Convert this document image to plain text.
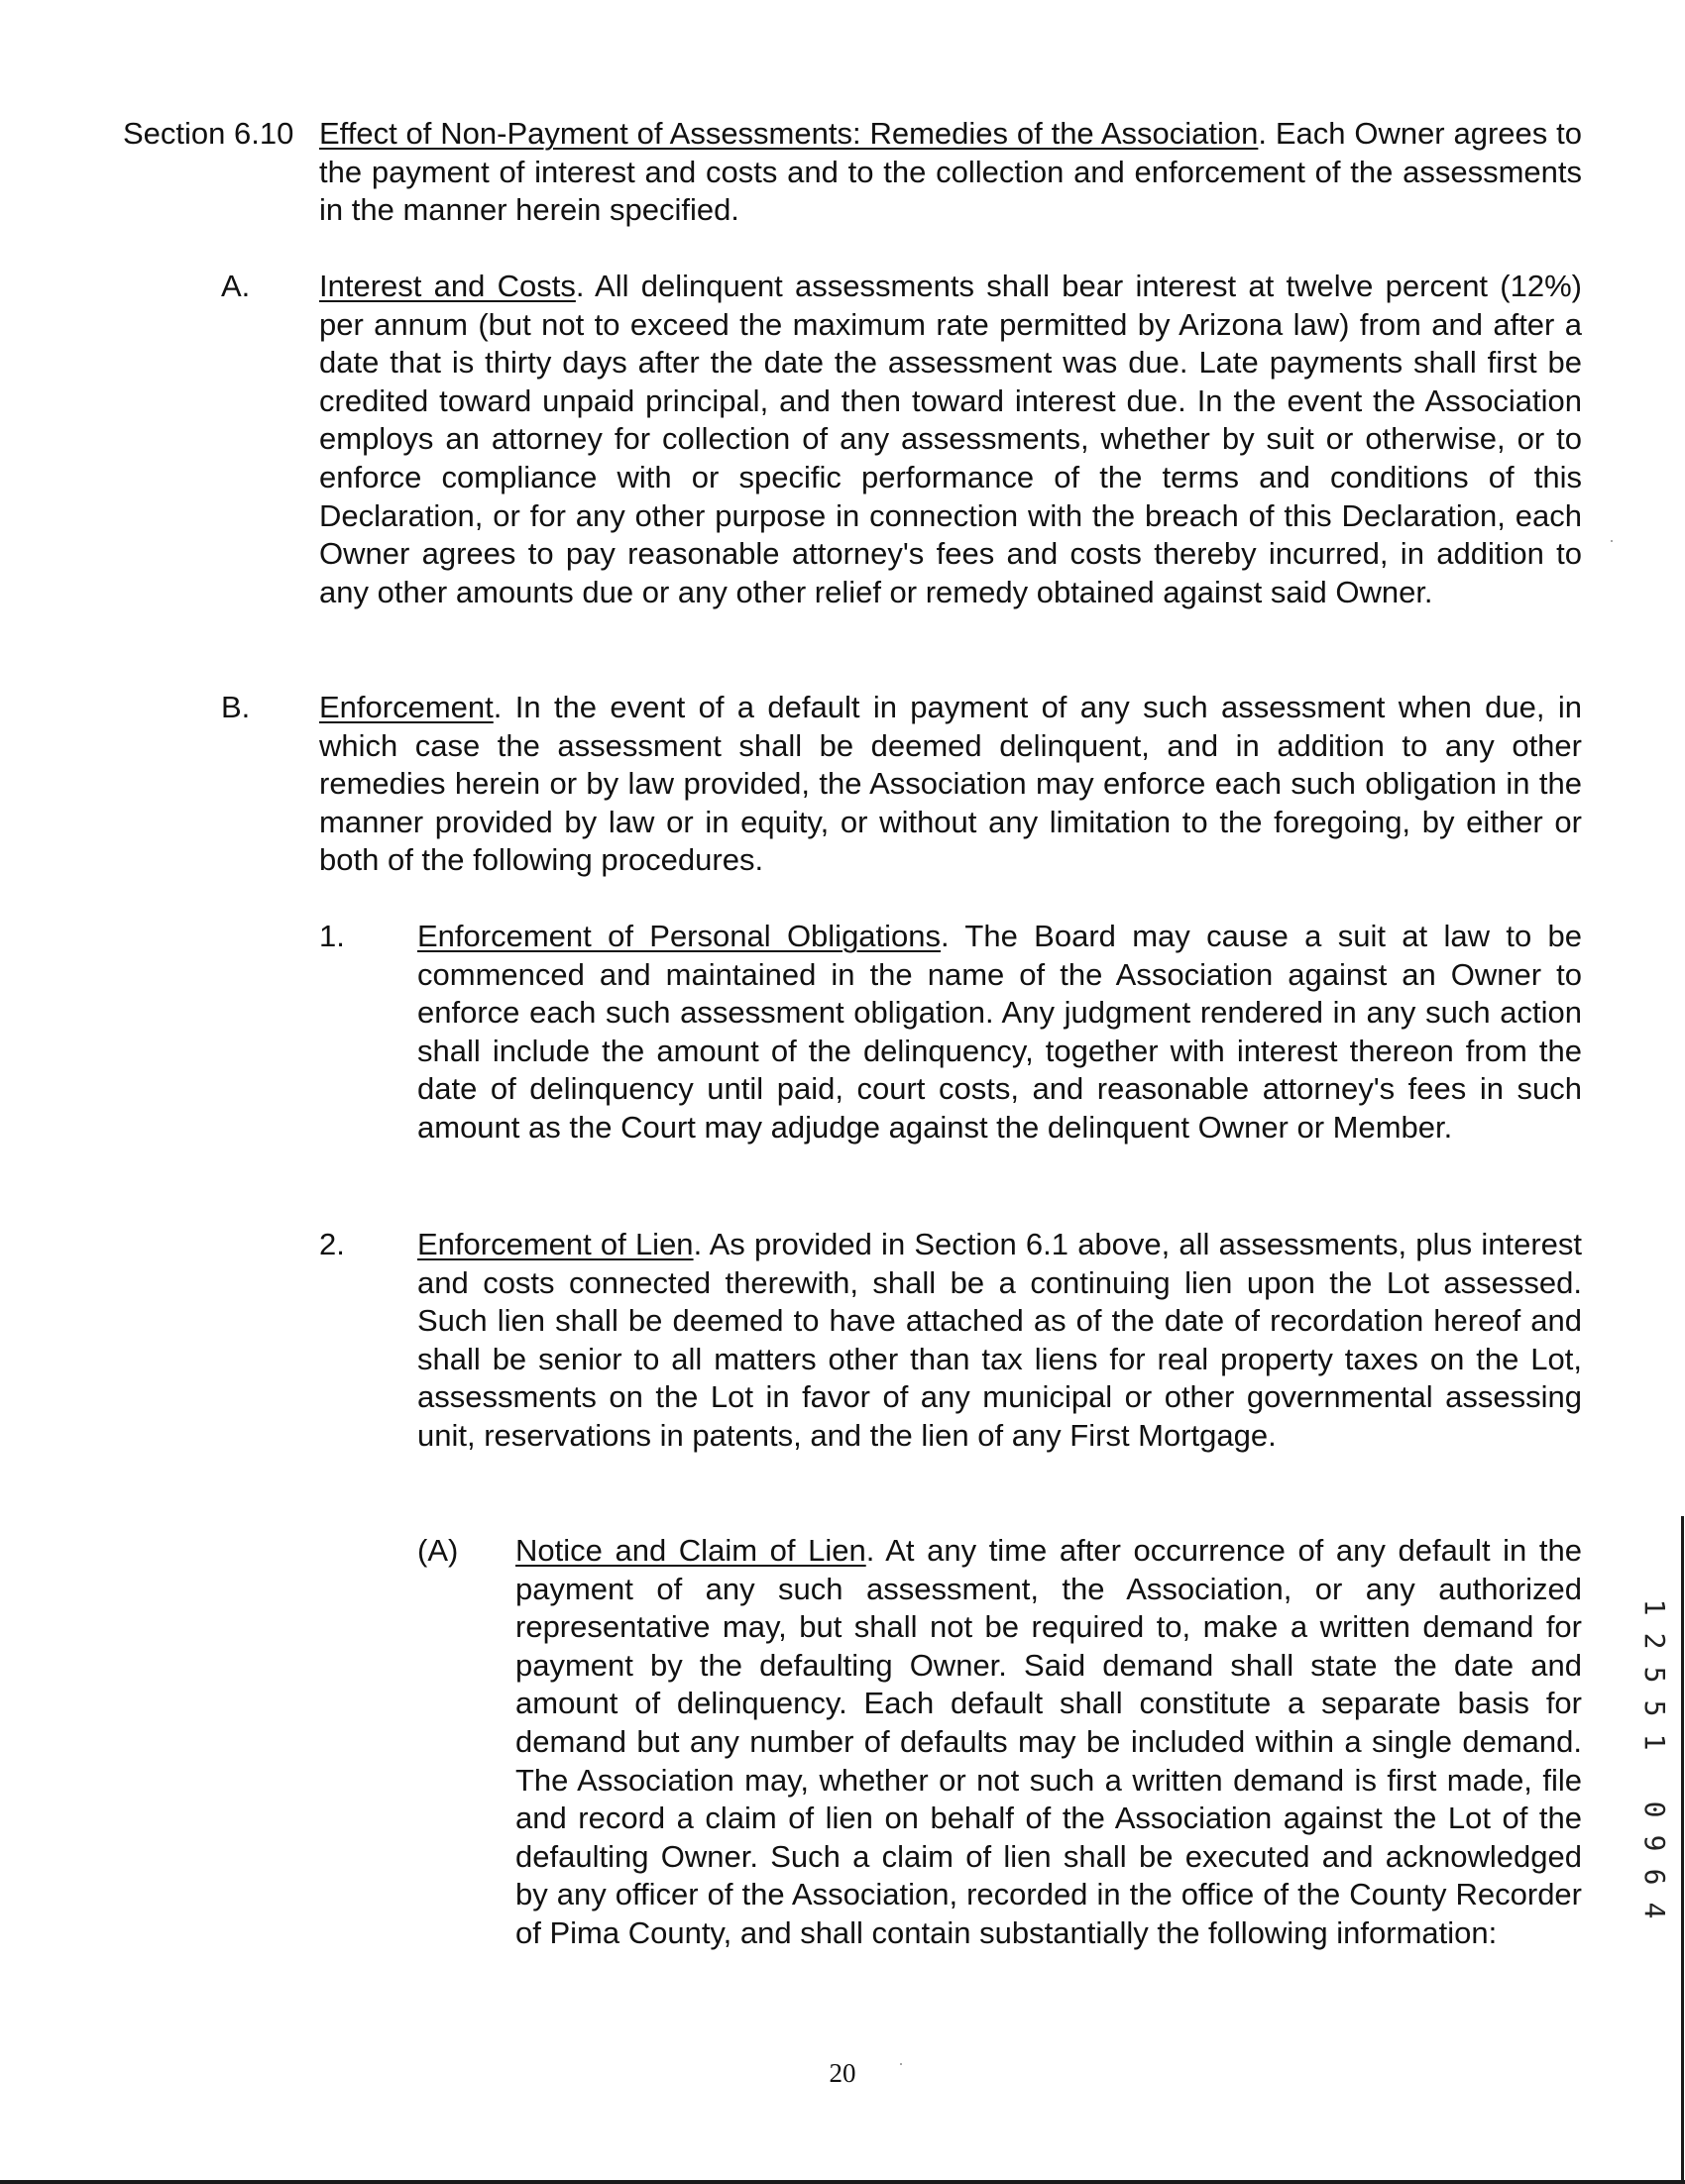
Section 6.10 Effect of Non-Payment of Assessments: Remedies of the Association. Each Owner agrees to the payment of interest and costs and to the collection and enforcement of the assessments in the manner herein specified.

A. Interest and Costs. All delinquent assessments shall bear interest at twelve percent (12%) per annum (but not to exceed the maximum rate permitted by Arizona law) from and after a date that is thirty days after the date the assessment was due. Late payments shall first be credited toward unpaid principal, and then toward interest due. In the event the Association employs an attorney for collection of any assessments, whether by suit or otherwise, or to enforce compliance with or specific performance of the terms and conditions of this Declaration, or for any other purpose in connection with the breach of this Declaration, each Owner agrees to pay reasonable attorney's fees and costs thereby incurred, in addition to any other amounts due or any other relief or remedy obtained against said Owner.

B. Enforcement. In the event of a default in payment of any such assessment when due, in which case the assessment shall be deemed delinquent, and in addition to any other remedies herein or by law provided, the Association may enforce each such obligation in the manner provided by law or in equity, or without any limitation to the foregoing, by either or both of the following procedures.

1. Enforcement of Personal Obligations. The Board may cause a suit at law to be commenced and maintained in the name of the Association against an Owner to enforce each such assessment obligation. Any judgment rendered in any such action shall include the amount of the delinquency, together with interest thereon from the date of delinquency until paid, court costs, and reasonable attorney's fees in such amount as the Court may adjudge against the delinquent Owner or Member.

2. Enforcement of Lien. As provided in Section 6.1 above, all assessments, plus interest and costs connected therewith, shall be a continuing lien upon the Lot assessed. Such lien shall be deemed to have attached as of the date of recordation hereof and shall be senior to all matters other than tax liens for real property taxes on the Lot, assessments on the Lot in favor of any municipal or other governmental assessing unit, reservations in patents, and the lien of any First Mortgage.

(A) Notice and Claim of Lien. At any time after occurrence of any default in the payment of any such assessment, the Association, or any authorized representative may, but shall not be required to, make a written demand for payment by the defaulting Owner. Said demand shall state the date and amount of delinquency. Each default shall constitute a separate basis for demand but any number of defaults may be included within a single demand. The Association may, whether or not such a written demand is first made, file and record a claim of lien on behalf of the Association against the Lot of the defaulting Owner. Such a claim of lien shall be executed and acknowledged by any officer of the Association, recorded in the office of the County Recorder of Pima County, and shall contain substantially the following information:

20
1
2
5
5
1
0
9
6
4
